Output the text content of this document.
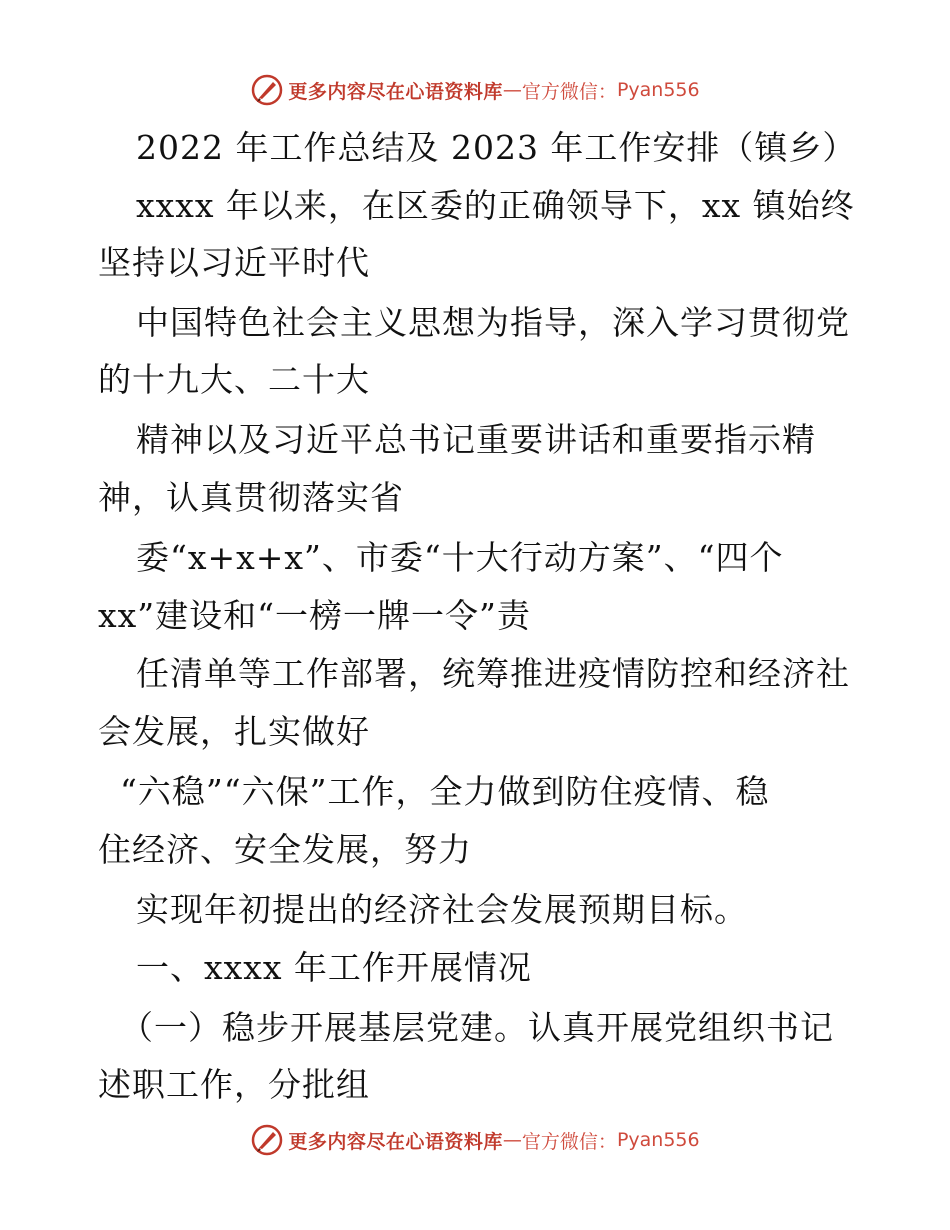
更多内容尽在心语资料库 — 官方微信： Pyan556
2022 年工作总结及 2023 年工作安排（镇乡）
xxxx 年以来，在区委的正确领导下，xx 镇始终
坚持以习近平时代
中国特色社会主义思想为指导，深入学习贯彻党
的十九大、二十大
精神以及习近平总书记重要讲话和重要指示精
神，认真贯彻落实省
委“x+x+x”、市委“十大行动方案”、“四个
xx”建设和“一榜一牌一令”责
任清单等工作部署，统筹推进疫情防控和经济社
会发展，扎实做好
“六稳”“六保”工作，全力做到防住疫情、稳
住经济、安全发展，努力
实现年初提出的经济社会发展预期目标。
一、xxxx 年工作开展情况
（一）稳步开展基层党建。认真开展党组织书记
述职工作，分批组
更多内容尽在心语资料库 — 官方微信： Pyan556
